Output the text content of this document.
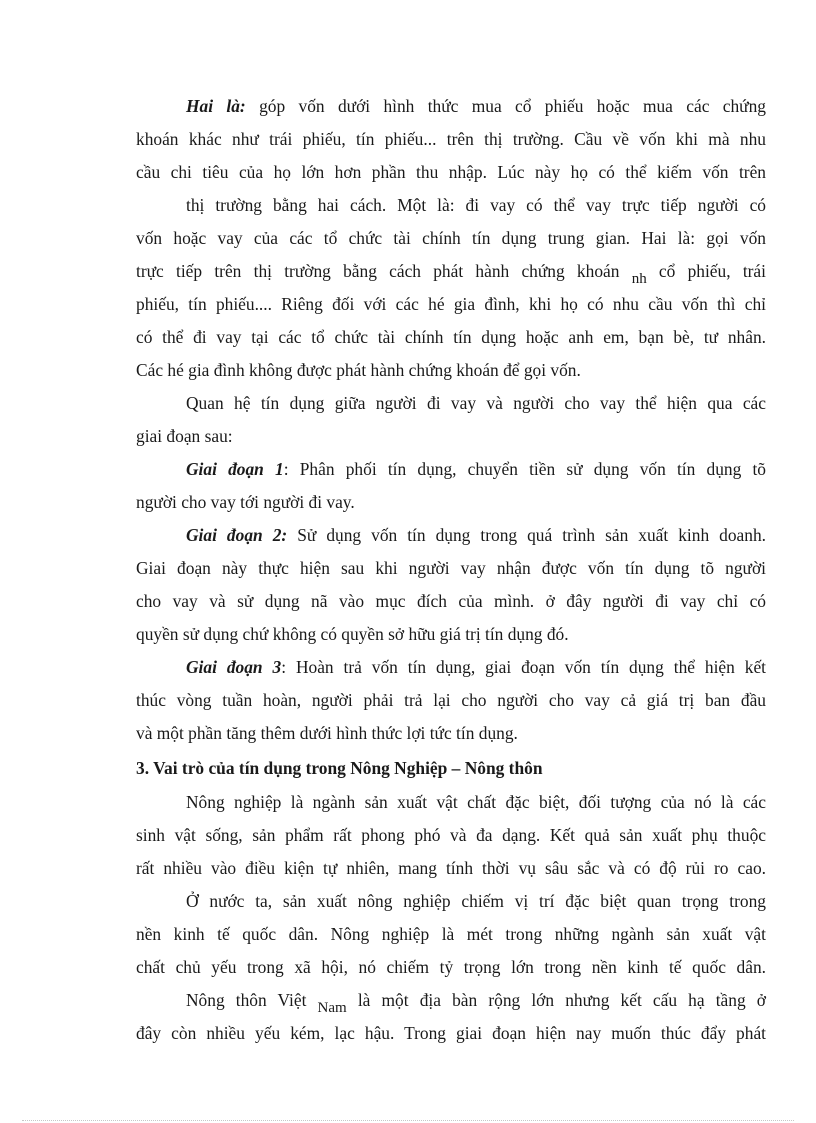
Hai là: góp vốn dưới hình thức mua cổ phiếu hoặc mua các chứng
khoán khác như trái phiếu, tín phiếu... trên thị trường. Cầu về vốn khi mà nhu
cầu chi tiêu của họ lớn hơn phần thu nhập. Lúc này họ có thể kiếm vốn trên
thị trường bằng hai cách. Một là: đi vay có thể vay trực tiếp người có
vốn hoặc vay của các tổ chức tài chính tín dụng trung gian. Hai là: gọi vốn
trực tiếp trên thị trường bằng cách phát hành chứng khoán nh cổ phiếu, trái
phiếu, tín phiếu.... Riêng đối với các hé gia đình, khi họ có nhu cầu vốn thì chỉ
có thể đi vay tại các tổ chức tài chính tín dụng hoặc anh em, bạn bè, tư nhân.
Các hé gia đình không được phát hành chứng khoán để gọi vốn.
Quan hệ tín dụng giữa người đi vay và người cho vay thể hiện qua các
giai đoạn sau:
Giai đoạn 1: Phân phối tín dụng, chuyển tiền sử dụng vốn tín dụng tõ
người cho vay tới người đi vay.
Giai đoạn 2: Sử dụng vốn tín dụng trong quá trình sản xuất kinh doanh.
Giai đoạn này thực hiện sau khi người vay nhận được vốn tín dụng tõ người
cho vay và sử dụng nã vào mục đích của mình. ở đây người đi vay chỉ có
quyền sử dụng chứ không có quyền sở hữu giá trị tín dụng đó.
Giai đoạn 3: Hoàn trả vốn tín dụng, giai đoạn vốn tín dụng thể hiện kết
thúc vòng tuần hoàn, người phải trả lại cho người cho vay cả giá trị ban đầu
và một phần tăng thêm dưới hình thức lợi tức tín dụng.
3. Vai trò của tín dụng trong Nông Nghiệp – Nông thôn
Nông nghiệp là ngành sản xuất vật chất đặc biệt, đối tượng của nó là các
sinh vật sống, sản phẩm rất phong phó và đa dạng. Kết quả sản xuất phụ thuộc
rất nhiều vào điều kiện tự nhiên, mang tính thời vụ sâu sắc và có độ rủi ro cao.
Ở nước ta, sản xuất nông nghiệp chiếm vị trí đặc biệt quan trọng trong
nền kinh tế quốc dân. Nông nghiệp là mét trong những ngành sản xuất vật
chất chủ yếu trong xã hội, nó chiếm tỷ trọng lớn trong nền kinh tế quốc dân.
Nông thôn Việt Nam là một địa bàn rộng lớn nhưng kết cấu hạ tầng ở
đây còn nhiều yếu kém, lạc hậu. Trong giai đoạn hiện nay muốn thúc đẩy phát
